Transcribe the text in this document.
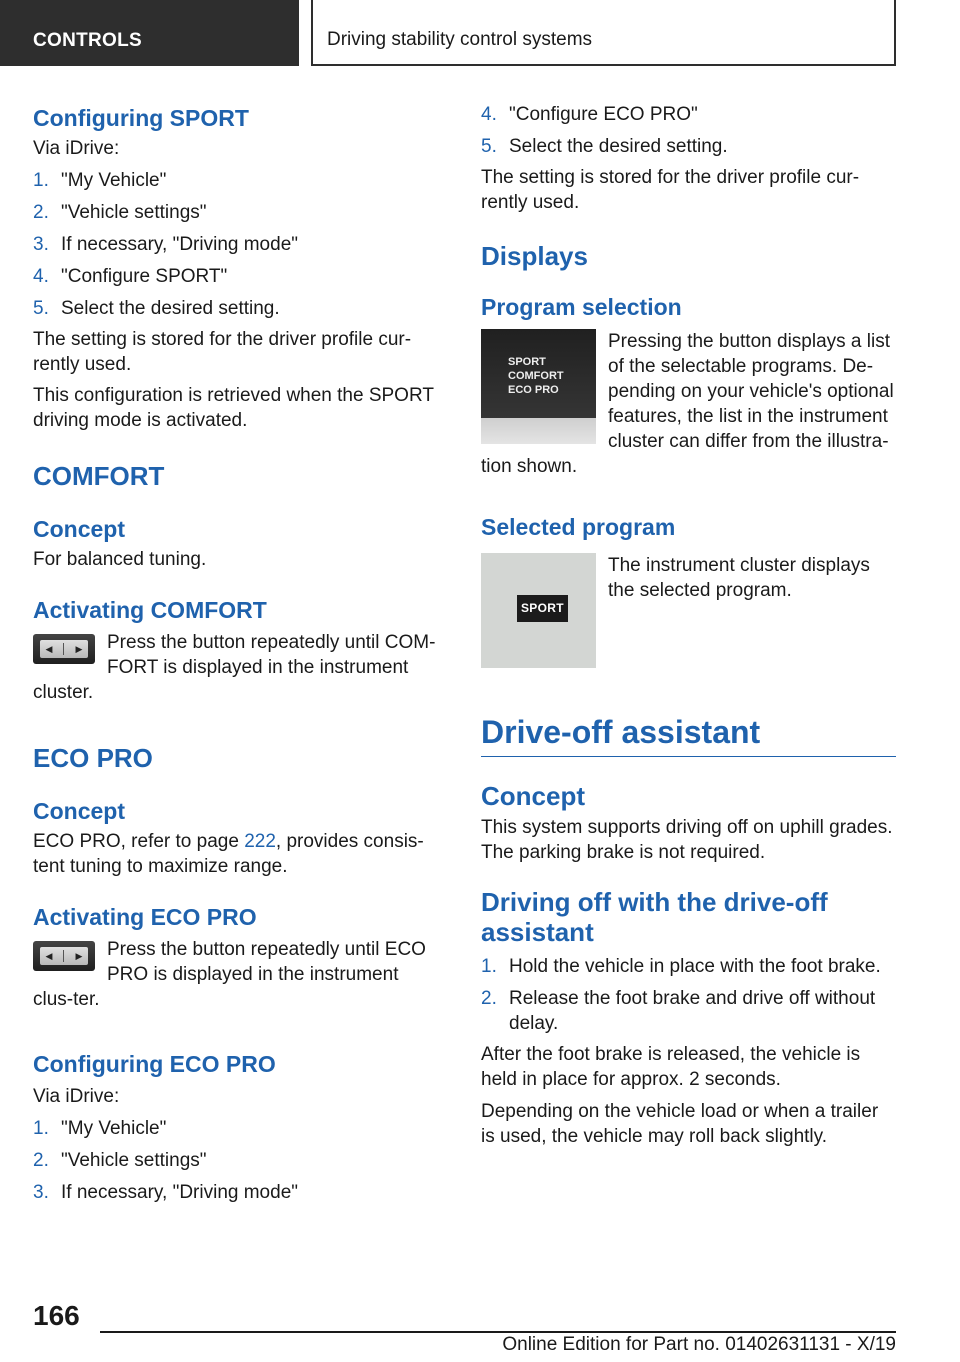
CONTROLS	Driving stability control systems
Configuring SPORT
Via iDrive:
1. "My Vehicle"
2. "Vehicle settings"
3. If necessary, "Driving mode"
4. "Configure SPORT"
5. Select the desired setting.
The setting is stored for the driver profile cur-rently used.
This configuration is retrieved when the SPORT driving mode is activated.
COMFORT
Concept
For balanced tuning.
Activating COMFORT
◀	▶ Press the button repeatedly until COM-FORT is displayed in the instrument cluster.
ECO PRO
Concept
ECO PRO, refer to page 222, provides consis-tent tuning to maximize range.
Activating ECO PRO
◀	▶ Press the button repeatedly until ECO PRO is displayed in the instrument clus-ter.
Configuring ECO PRO
Via iDrive:
1. "My Vehicle"
2. "Vehicle settings"
3. If necessary, "Driving mode"
4. "Configure ECO PRO"
5. Select the desired setting.
The setting is stored for the driver profile cur-rently used.
Displays
Program selection
SPORT
COMFORT
ECO PRO
Pressing the button displays a list of the selectable programs. De-pending on your vehicle's optional features, the list in the instrument cluster can differ from the illustra-tion shown.
Selected program
SPORT
The instrument cluster displays the selected program.
Drive-off assistant
Concept
This system supports driving off on uphill grades. The parking brake is not required.
Driving off with the drive-off assistant
1. Hold the vehicle in place with the foot brake.
2. Release the foot brake and drive off without delay.
After the foot brake is released, the vehicle is held in place for approx. 2 seconds.
Depending on the vehicle load or when a trailer is used, the vehicle may roll back slightly.
166
Online Edition for Part no. 01402631131 - X/19
